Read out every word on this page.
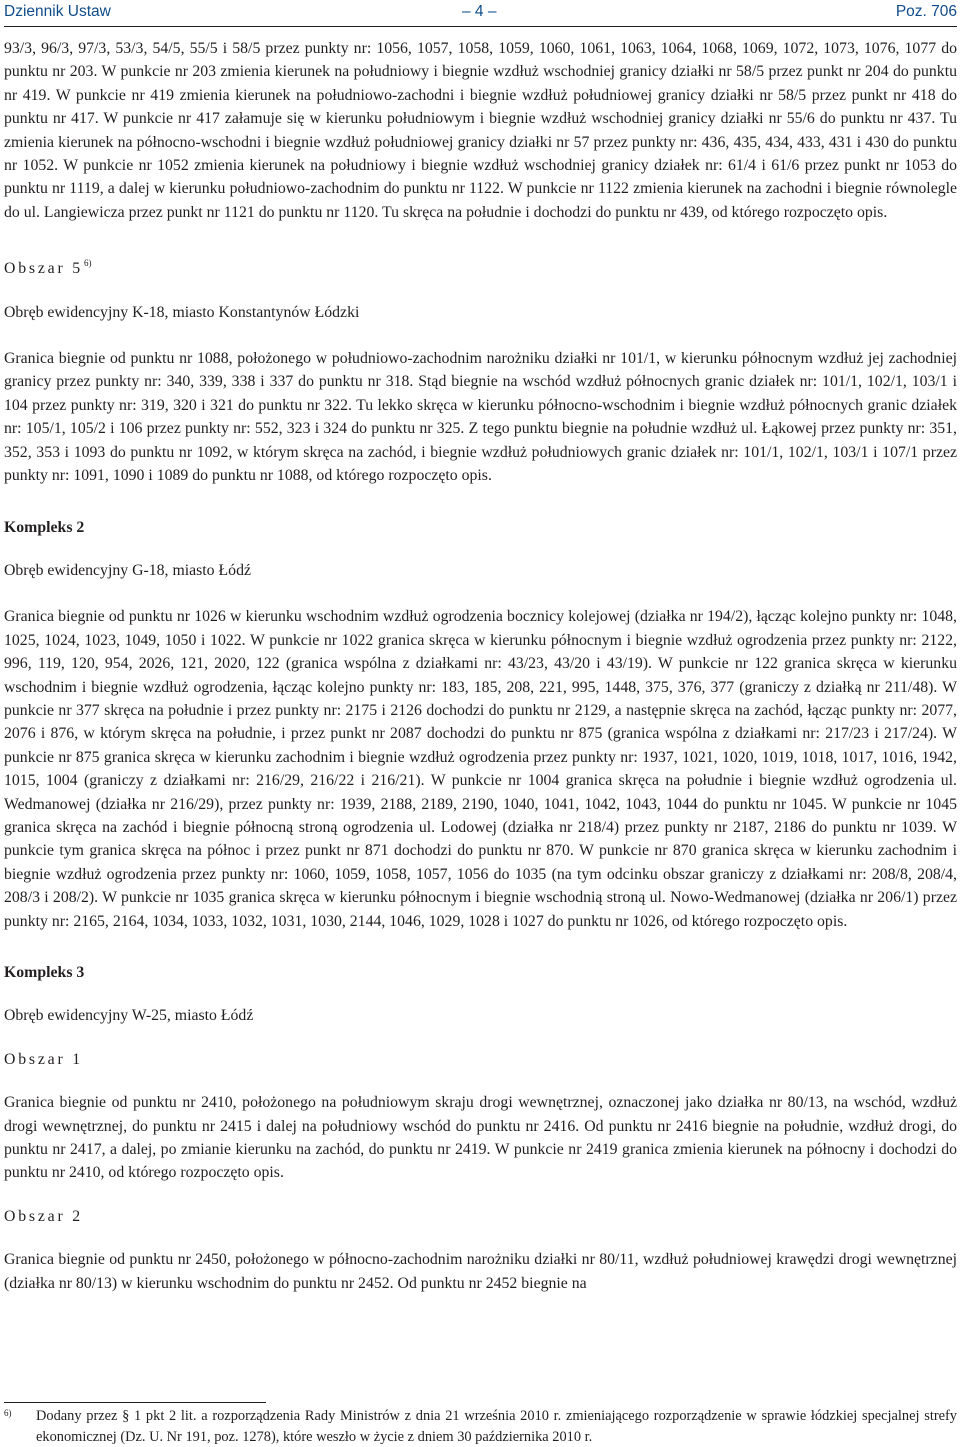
Dziennik Ustaw	– 4 –	Poz. 706

93/3, 96/3, 97/3, 53/3, 54/5, 55/5 i 58/5 przez punkty nr: 1056, 1057, 1058, 1059, 1060, 1061, 1063, 1064, 1068, 1069, 1072, 1073, 1076, 1077 do punktu nr 203. W punkcie nr 203 zmienia kierunek na południowy i biegnie wzdłuż wschodniej granicy działki nr 58/5 przez punkt nr 204 do punktu nr 419. W punkcie nr 419 zmienia kierunek na południowo-zachodni i biegnie wzdłuż południowej granicy działki nr 58/5 przez punkt nr 418 do punktu nr 417. W punkcie nr 417 załamuje się w kierunku południowym i biegnie wzdłuż wschodniej granicy działki nr 55/6 do punktu nr 437. Tu zmienia kierunek na północno-wschodni i biegnie wzdłuż południowej granicy działki nr 57 przez punkty nr: 436, 435, 434, 433, 431 i 430 do punktu nr 1052. W punkcie nr 1052 zmienia kierunek na południowy i biegnie wzdłuż wschodniej granicy działek nr: 61/4 i 61/6 przez punkt nr 1053 do punktu nr 1119, a dalej w kierunku południowo-zachodnim do punktu nr 1122. W punkcie nr 1122 zmienia kierunek na zachodni i biegnie równolegle do ul. Langiewicza przez punkt nr 1121 do punktu nr 1120. Tu skręca na południe i dochodzi do punktu nr 439, od którego rozpoczęto opis.

Obszar 5$^{6)}$

Obręb ewidencyjny K-18, miasto Konstantynów Łódzki

Granica biegnie od punktu nr 1088, położonego w południowo-zachodnim narożniku działki nr 101/1, w kierunku północnym wzdłuż jej zachodniej granicy przez punkty nr: 340, 339, 338 i 337 do punktu nr 318. Stąd biegnie na wschód wzdłuż północnych granic działek nr: 101/1, 102/1, 103/1 i 104 przez punkty nr: 319, 320 i 321 do punktu nr 322. Tu lekko skręca w kierunku północno-wschodnim i biegnie wzdłuż północnych granic działek nr: 105/1, 105/2 i 106 przez punkty nr: 552, 323 i 324 do punktu nr 325. Z tego punktu biegnie na południe wzdłuż ul. Łąkowej przez punkty nr: 351, 352, 353 i 1093 do punktu nr 1092, w którym skręca na zachód, i biegnie wzdłuż południowych granic działek nr: 101/1, 102/1, 103/1 i 107/1 przez punkty nr: 1091, 1090 i 1089 do punktu nr 1088, od którego rozpoczęto opis.

Kompleks 2

Obręb ewidencyjny G-18, miasto Łódź

Granica biegnie od punktu nr 1026 w kierunku wschodnim wzdłuż ogrodzenia bocznicy kolejowej (działka nr 194/2), łącząc kolejno punkty nr: 1048, 1025, 1024, 1023, 1049, 1050 i 1022. W punkcie nr 1022 granica skręca w kierunku północnym i biegnie wzdłuż ogrodzenia przez punkty nr: 2122, 996, 119, 120, 954, 2026, 121, 2020, 122 (granica wspólna z działkami nr: 43/23, 43/20 i 43/19). W punkcie nr 122 granica skręca w kierunku wschodnim i biegnie wzdłuż ogrodzenia, łącząc kolejno punkty nr: 183, 185, 208, 221, 995, 1448, 375, 376, 377 (graniczy z działką nr 211/48). W punkcie nr 377 skręca na południe i przez punkty nr: 2175 i 2126 dochodzi do punktu nr 2129, a następnie skręca na zachód, łącząc punkty nr: 2077, 2076 i 876, w którym skręca na południe, i przez punkt nr 2087 dochodzi do punktu nr 875 (granica wspólna z działkami nr: 217/23 i 217/24). W punkcie nr 875 granica skręca w kierunku zachodnim i biegnie wzdłuż ogrodzenia przez punkty nr: 1937, 1021, 1020, 1019, 1018, 1017, 1016, 1942, 1015, 1004 (graniczy z działkami nr: 216/29, 216/22 i 216/21). W punkcie nr 1004 granica skręca na południe i biegnie wzdłuż ogrodzenia ul. Wedmanowej (działka nr 216/29), przez punkty nr: 1939, 2188, 2189, 2190, 1040, 1041, 1042, 1043, 1044 do punktu nr 1045. W punkcie nr 1045 granica skręca na zachód i biegnie północną stroną ogrodzenia ul. Lodowej (działka nr 218/4) przez punkty nr 2187, 2186 do punktu nr 1039. W punkcie tym granica skręca na północ i przez punkt nr 871 dochodzi do punktu nr 870. W punkcie nr 870 granica skręca w kierunku zachodnim i biegnie wzdłuż ogrodzenia przez punkty nr: 1060, 1059, 1058, 1057, 1056 do 1035 (na tym odcinku obszar graniczy z działkami nr: 208/8, 208/4, 208/3 i 208/2). W punkcie nr 1035 granica skręca w kierunku północnym i biegnie wschodnią stroną ul. Nowo-Wedmanowej (działka nr 206/1) przez punkty nr: 2165, 2164, 1034, 1033, 1032, 1031, 1030, 2144, 1046, 1029, 1028 i 1027 do punktu nr 1026, od którego rozpoczęto opis.

Kompleks 3

Obręb ewidencyjny W-25, miasto Łódź

Obszar 1

Granica biegnie od punktu nr 2410, położonego na południowym skraju drogi wewnętrznej, oznaczonej jako działka nr 80/13, na wschód, wzdłuż drogi wewnętrznej, do punktu nr 2415 i dalej na południowy wschód do punktu nr 2416. Od punktu nr 2416 biegnie na południe, wzdłuż drogi, do punktu nr 2417, a dalej, po zmianie kierunku na zachód, do punktu nr 2419. W punkcie nr 2419 granica zmienia kierunek na północny i dochodzi do punktu nr 2410, od którego rozpoczęto opis.

Obszar 2

Granica biegnie od punktu nr 2450, położonego w północno-zachodnim narożniku działki nr 80/11, wzdłuż południowej krawędzi drogi wewnętrznej (działka nr 80/13) w kierunku wschodnim do punktu nr 2452. Od punktu nr 2452 biegnie na

6)	Dodany przez § 1 pkt 2 lit. a rozporządzenia Rady Ministrów z dnia 21 września 2010 r. zmieniającego rozporządzenie w sprawie łódzkiej specjalnej strefy ekonomicznej (Dz. U. Nr 191, poz. 1278), które weszło w życie z dniem 30 października 2010 r.
